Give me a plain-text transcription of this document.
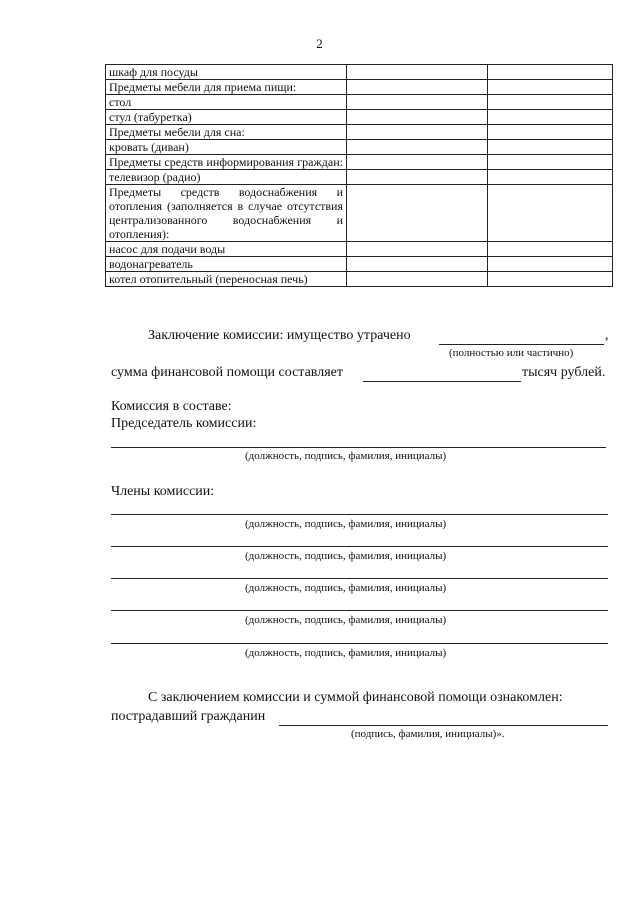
2
шкаф для посуды		
Предметы мебели для приема пищи:		
стол		
стул (табуретка)		
Предметы мебели для сна:		
кровать (диван)		
Предметы средств информирования граждан:		
телевизор (радио)		
Предметы средств водоснабжения и отопления (заполняется в случае отсутствия централизованного водоснабжения и отопления):		
насос для подачи воды		
водонагреватель		
котел отопительный (переносная печь)		
Заключение комиссии: имущество утрачено	,
(полностью или частично)
сумма финансовой помощи составляет	тысяч рублей.
Комиссия в составе:
Председатель комиссии:
(должность, подпись, фамилия, инициалы)
Члены комиссии:
(должность, подпись, фамилия, инициалы)
(должность, подпись, фамилия, инициалы)
(должность, подпись, фамилия, инициалы)
(должность, подпись, фамилия, инициалы)
(должность, подпись, фамилия, инициалы)
С заключением комиссии и суммой финансовой помощи ознакомлен:
пострадавший гражданин
(подпись, фамилия, инициалы)».
